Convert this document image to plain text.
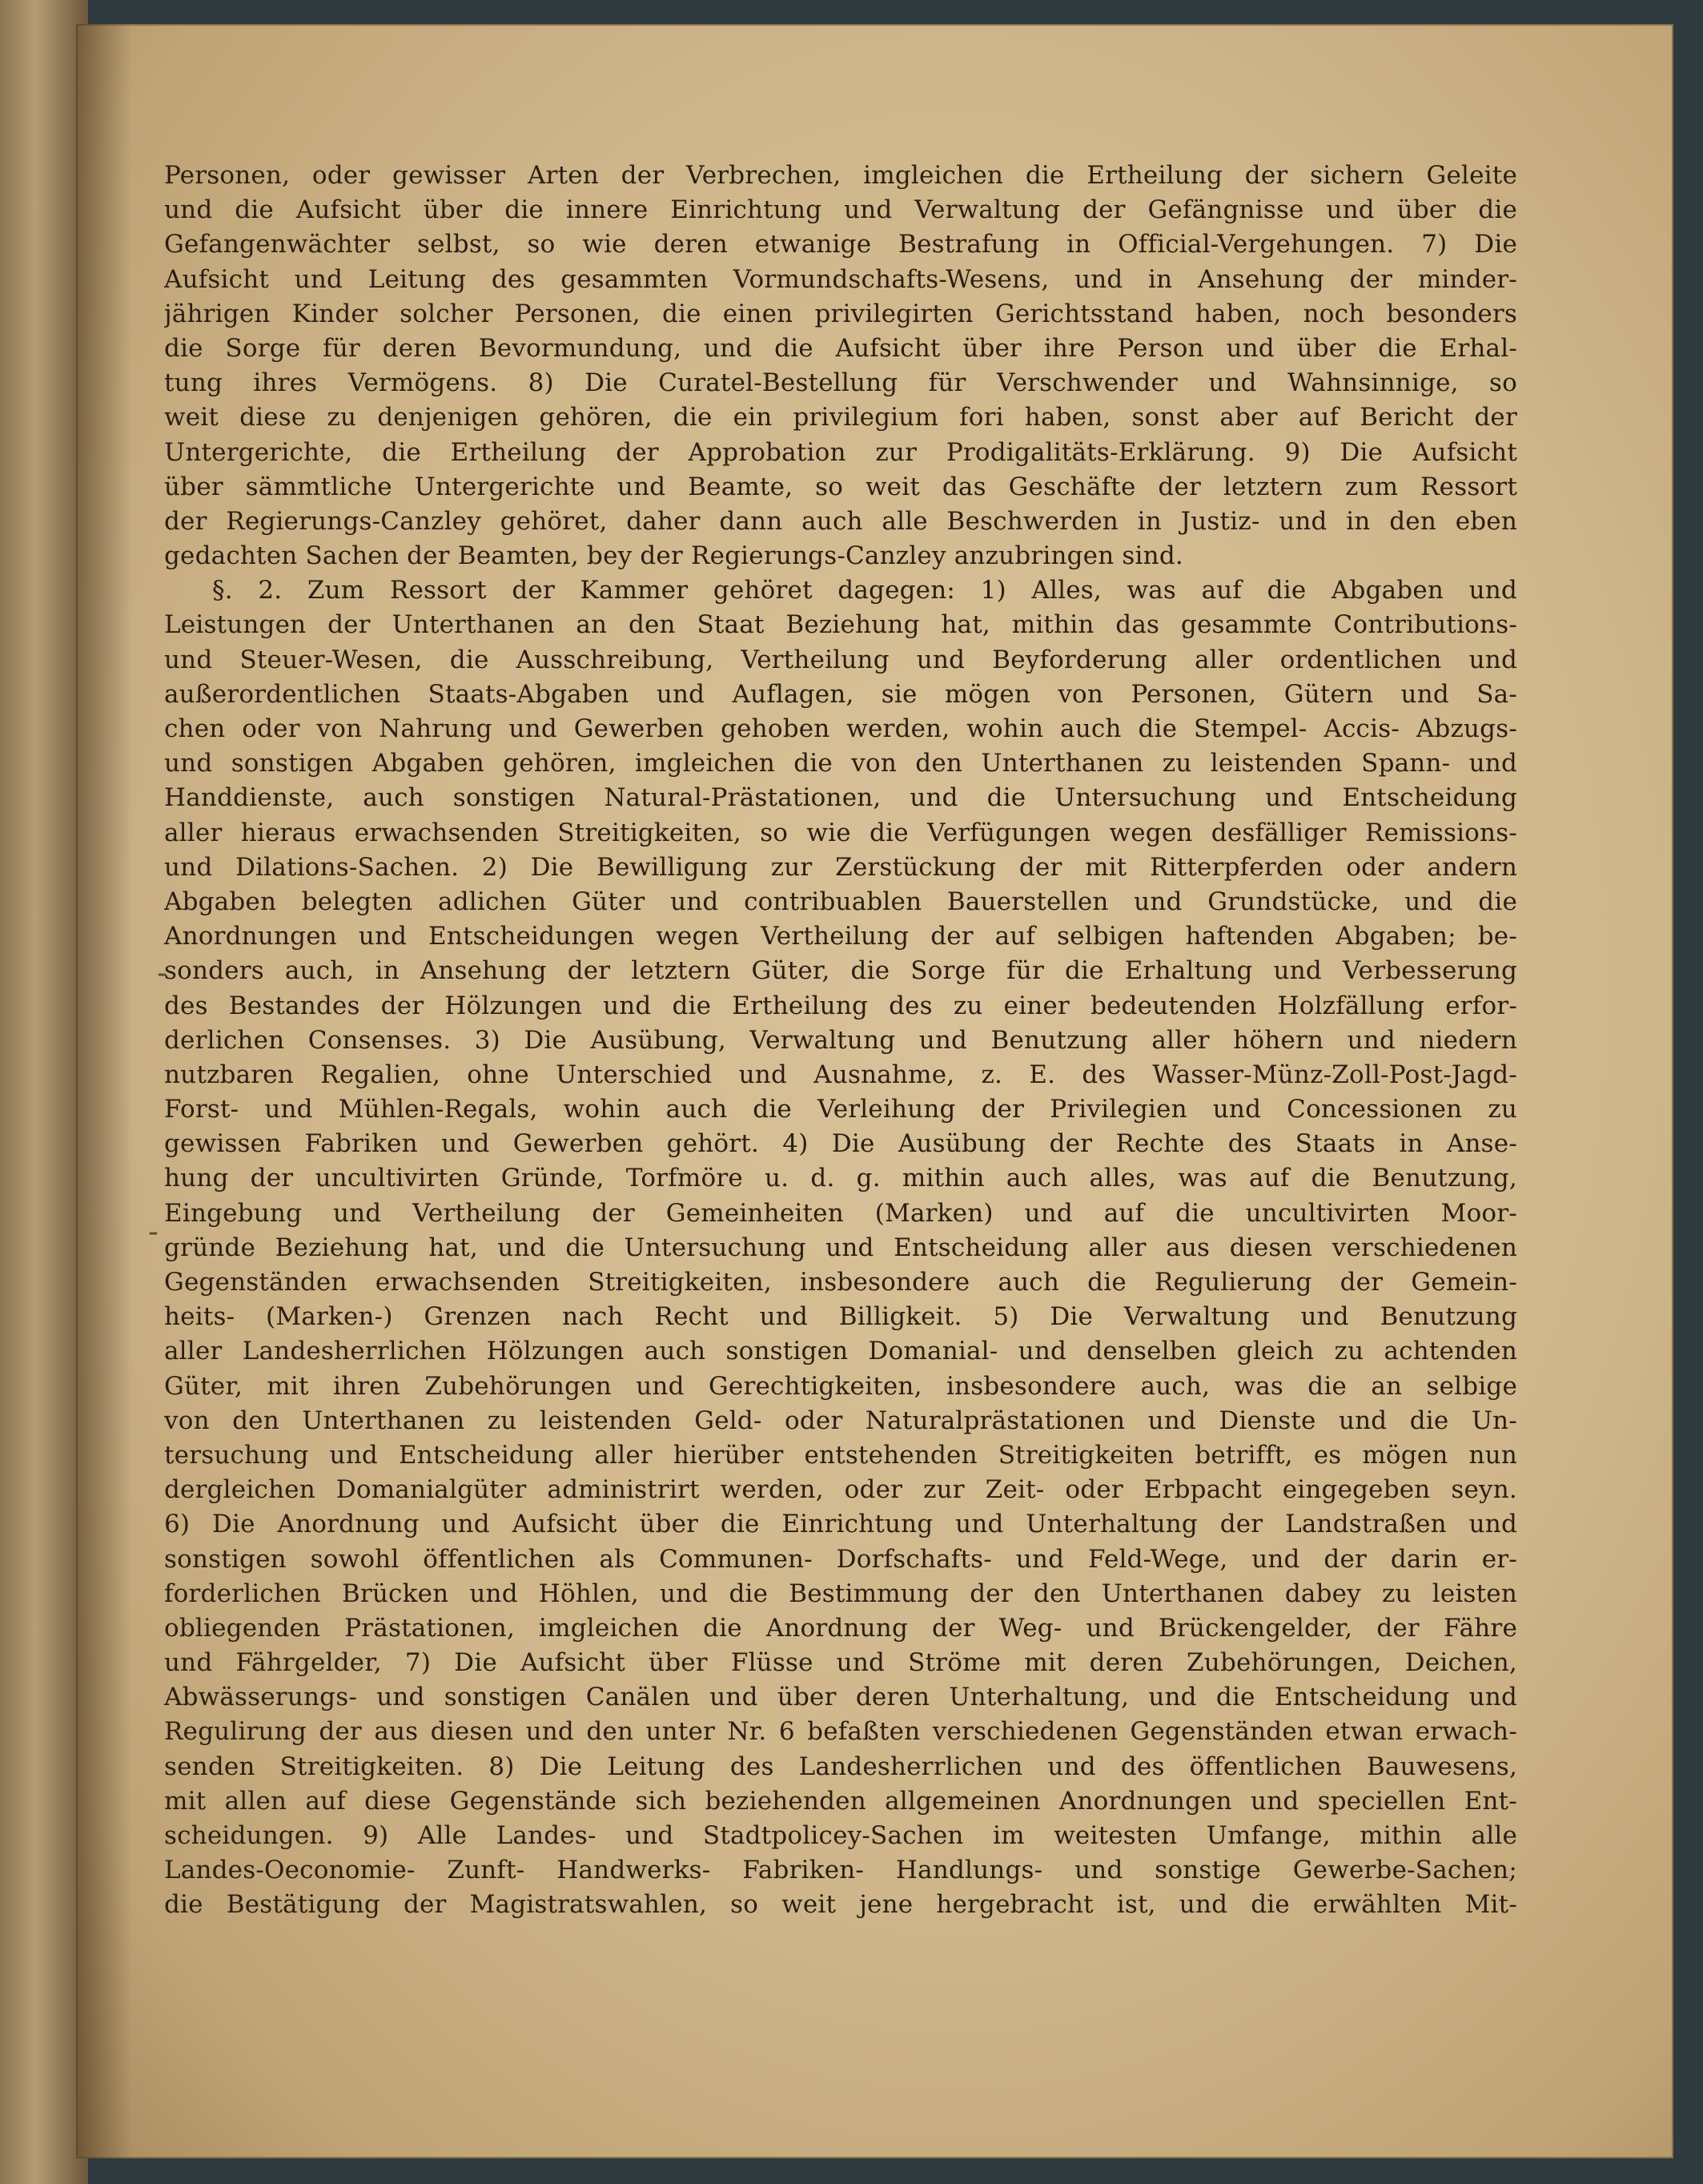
-
-
Personen, oder gewisser Arten der Verbrechen, imgleichen die Ertheilung der sichern Geleite
und die Aufsicht über die innere Einrichtung und Verwaltung der Gefängnisse und über die
Gefangenwächter selbst, so wie deren etwanige Bestrafung in Official-Vergehungen. 7) Die
Aufsicht und Leitung des gesammten Vormundschafts-Wesens, und in Ansehung der minder-
jährigen Kinder solcher Personen, die einen privilegirten Gerichtsstand haben, noch besonders
die Sorge für deren Bevormundung, und die Aufsicht über ihre Person und über die Erhal-
tung ihres Vermögens. 8) Die Curatel-Bestellung für Verschwender und Wahnsinnige, so
weit diese zu denjenigen gehören, die ein privilegium fori haben, sonst aber auf Bericht der
Untergerichte, die Ertheilung der Approbation zur Prodigalitäts-Erklärung. 9) Die Aufsicht
über sämmtliche Untergerichte und Beamte, so weit das Geschäfte der letztern zum Ressort
der Regierungs-Canzley gehöret, daher dann auch alle Beschwerden in Justiz- und in den eben
gedachten Sachen der Beamten, bey der Regierungs-Canzley anzubringen sind.
§. 2. Zum Ressort der Kammer gehöret dagegen: 1) Alles, was auf die Abgaben und
Leistungen der Unterthanen an den Staat Beziehung hat, mithin das gesammte Contributions-
und Steuer-Wesen, die Ausschreibung, Vertheilung und Beyforderung aller ordentlichen und
außerordentlichen Staats-Abgaben und Auflagen, sie mögen von Personen, Gütern und Sa-
chen oder von Nahrung und Gewerben gehoben werden, wohin auch die Stempel- Accis- Abzugs-
und sonstigen Abgaben gehören, imgleichen die von den Unterthanen zu leistenden Spann- und
Handdienste, auch sonstigen Natural-Prästationen, und die Untersuchung und Entscheidung
aller hieraus erwachsenden Streitigkeiten, so wie die Verfügungen wegen desfälliger Remissions-
und Dilations-Sachen. 2) Die Bewilligung zur Zerstückung der mit Ritterpferden oder andern
Abgaben belegten adlichen Güter und contribuablen Bauerstellen und Grundstücke, und die
Anordnungen und Entscheidungen wegen Vertheilung der auf selbigen haftenden Abgaben; be-
sonders auch, in Ansehung der letztern Güter, die Sorge für die Erhaltung und Verbesserung
des Bestandes der Hölzungen und die Ertheilung des zu einer bedeutenden Holzfällung erfor-
derlichen Consenses. 3) Die Ausübung, Verwaltung und Benutzung aller höhern und niedern
nutzbaren Regalien, ohne Unterschied und Ausnahme, z. E. des Wasser-Münz-Zoll-Post-Jagd-
Forst- und Mühlen-Regals, wohin auch die Verleihung der Privilegien und Concessionen zu
gewissen Fabriken und Gewerben gehört. 4) Die Ausübung der Rechte des Staats in Anse-
hung der uncultivirten Gründe, Torfmöre u. d. g. mithin auch alles, was auf die Benutzung,
Eingebung und Vertheilung der Gemeinheiten (Marken) und auf die uncultivirten Moor-
gründe Beziehung hat, und die Untersuchung und Entscheidung aller aus diesen verschiedenen
Gegenständen erwachsenden Streitigkeiten, insbesondere auch die Regulierung der Gemein-
heits- (Marken-) Grenzen nach Recht und Billigkeit. 5) Die Verwaltung und Benutzung
aller Landesherrlichen Hölzungen auch sonstigen Domanial- und denselben gleich zu achtenden
Güter, mit ihren Zubehörungen und Gerechtigkeiten, insbesondere auch, was die an selbige
von den Unterthanen zu leistenden Geld- oder Naturalprästationen und Dienste und die Un-
tersuchung und Entscheidung aller hierüber entstehenden Streitigkeiten betrifft, es mögen nun
dergleichen Domanialgüter administrirt werden, oder zur Zeit- oder Erbpacht eingegeben seyn.
6) Die Anordnung und Aufsicht über die Einrichtung und Unterhaltung der Landstraßen und
sonstigen sowohl öffentlichen als Communen- Dorfschafts- und Feld-Wege, und der darin er-
forderlichen Brücken und Höhlen, und die Bestimmung der den Unterthanen dabey zu leisten
obliegenden Prästationen, imgleichen die Anordnung der Weg- und Brückengelder, der Fähre
und Fährgelder, 7) Die Aufsicht über Flüsse und Ströme mit deren Zubehörungen, Deichen,
Abwässerungs- und sonstigen Canälen und über deren Unterhaltung, und die Entscheidung und
Regulirung der aus diesen und den unter Nr. 6 befaßten verschiedenen Gegenständen etwan erwach-
senden Streitigkeiten. 8) Die Leitung des Landesherrlichen und des öffentlichen Bauwesens,
mit allen auf diese Gegenstände sich beziehenden allgemeinen Anordnungen und speciellen Ent-
scheidungen. 9) Alle Landes- und Stadtpolicey-Sachen im weitesten Umfange, mithin alle
Landes-Oeconomie- Zunft- Handwerks- Fabriken- Handlungs- und sonstige Gewerbe-Sachen;
die Bestätigung der Magistratswahlen, so weit jene hergebracht ist, und die erwählten Mit-
